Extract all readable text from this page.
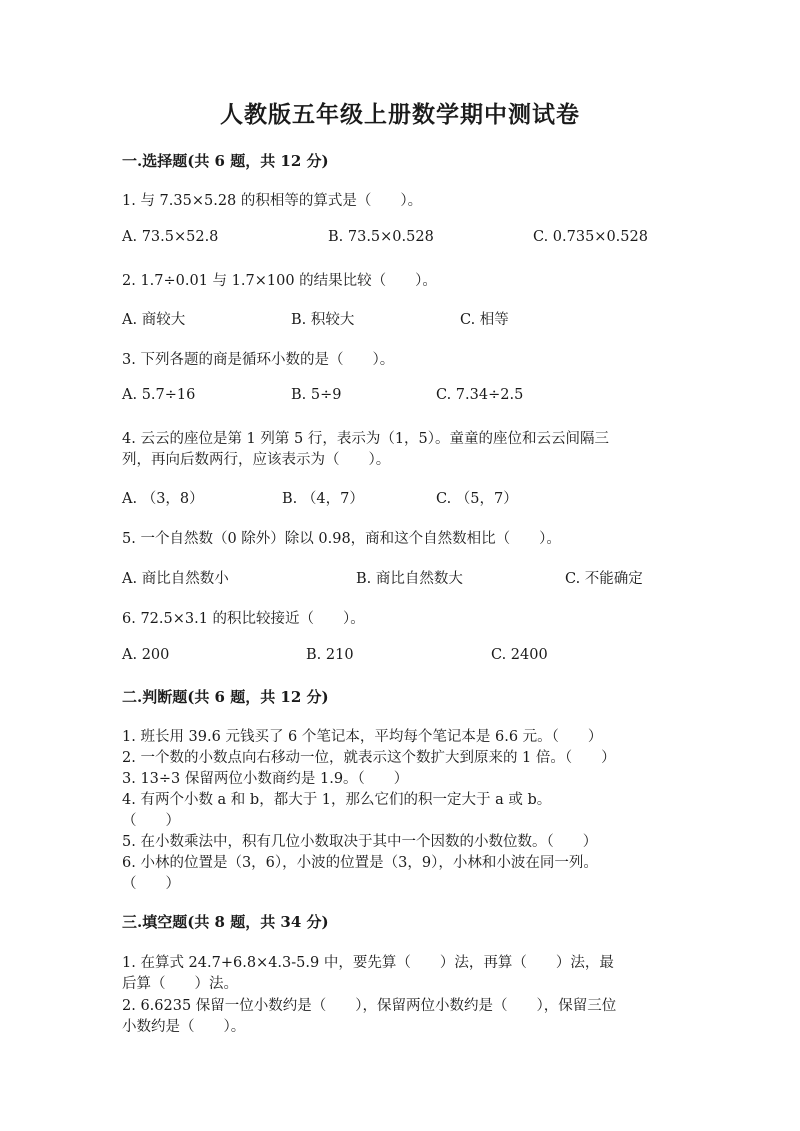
人教版五年级上册数学期中测试卷
一.选择题(共 6 题，共 12 分)
1. 与 7.35×5.28 的积相等的算式是（　　）。
A. 73.5×52.8	B. 73.5×0.528	C. 0.735×0.528
2. 1.7÷0.01 与 1.7×100 的结果比较（　　）。
A. 商较大	B. 积较大	C. 相等
3. 下列各题的商是循环小数的是（　　）。
A. 5.7÷16	B. 5÷9	C. 7.34÷2.5
4. 云云的座位是第 1 列第 5 行，表示为（1，5）。童童的座位和云云间隔三
列，再向后数两行，应该表示为（　　）。
A. （3，8）	B. （4，7）	C. （5，7）
5. 一个自然数（0 除外）除以 0.98，商和这个自然数相比（　　）。
A. 商比自然数小	B. 商比自然数大	C. 不能确定
6. 72.5×3.1 的积比较接近（　　）。
A. 200	B. 210	C. 2400
二.判断题(共 6 题，共 12 分)
1. 班长用 39.6 元钱买了 6 个笔记本，平均每个笔记本是 6.6 元。（　　）
2. 一个数的小数点向右移动一位，就表示这个数扩大到原来的 1 倍。（　　）
3. 13÷3 保留两位小数商约是 1.9。（　　）
4. 有两个小数 a 和 b，都大于 1，那么它们的积一定大于 a 或 b。
（　　）
5. 在小数乘法中，积有几位小数取决于其中一个因数的小数位数。（　　）
6. 小林的位置是（3，6），小波的位置是（3，9），小林和小波在同一列。
（　　）
三.填空题(共 8 题，共 34 分)
1. 在算式 24.7+6.8×4.3-5.9 中，要先算（　　）法，再算（　　）法，最
后算（　　）法。
2. 6.6235 保留一位小数约是（　　），保留两位小数约是（　　），保留三位
小数约是（　　）。
